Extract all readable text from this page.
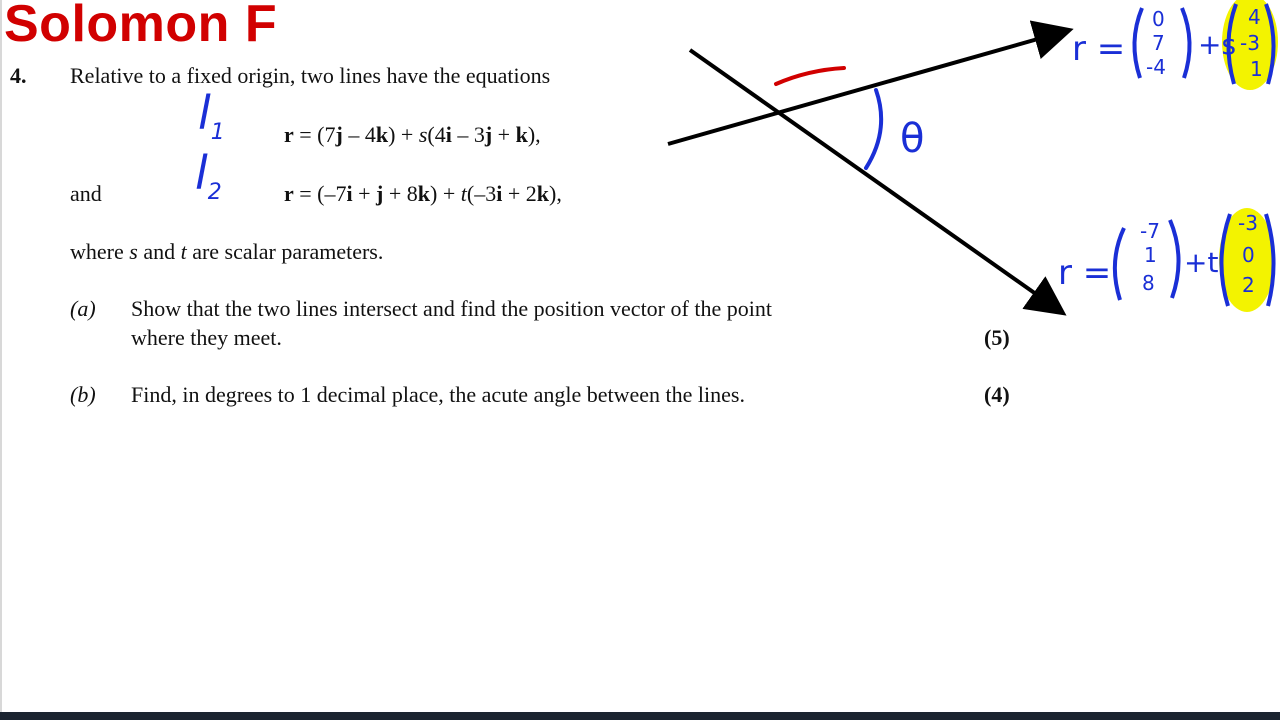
Solomon F
4. Relative to a fixed origin, two lines have the equations
$l_1$	r = (7j – 4k) + s(4i – 3j + k),
and $l_2$	r = (–7i + j + 8k) + t(–3i + 2k),
where s and t are scalar parameters.
(a) Show that the two lines intersect and find the position vector of the point
where they meet.	(5)
(b) Find, in degrees to 1 decimal place, the acute angle between the lines.	(4)
θ
r =
0
7
-4
+s
4
-3
1
r =
-7
1
8
+t
-3
0
2
